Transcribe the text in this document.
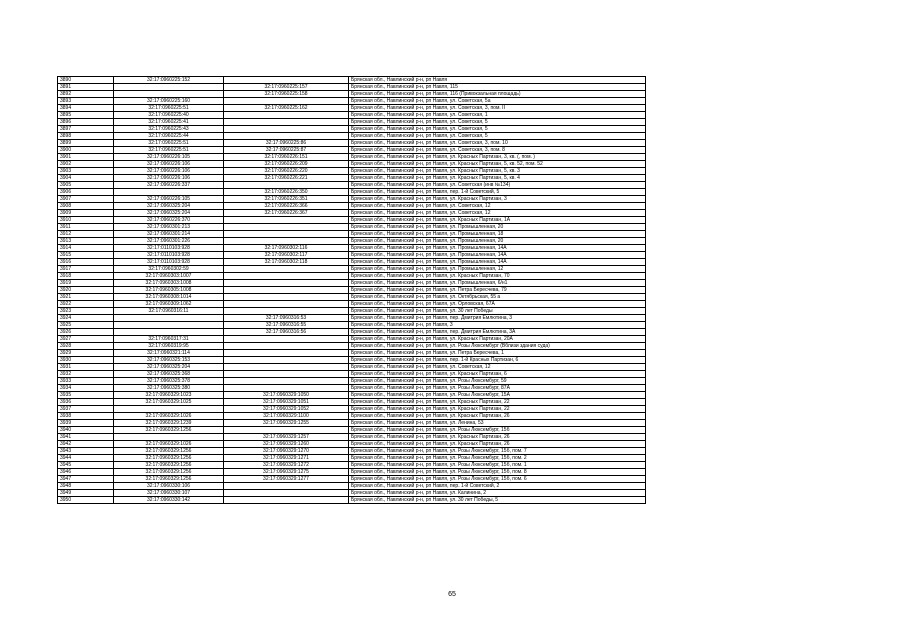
3890	32:17:0960225:152		Брянская обл., Навлинский р-н, рп Навля
3891		32:17:0960225:157	Брянская обл., Навлинский р-н, рп Навля, 115
3892		32:17:0960225:158	Брянская обл., Навлинский р-н, рп Навля, 116 (Привокзальная площадь)
3893	32:17:0960225:160		Брянская обл., Навлинский р-н, рп Навля, ул. Советская, 5а
3894	32:17:0960225:51	32:17:0960225:162	Брянская обл., Навлинский р-н, рп Навля, ул. Советская, 3, пом. II
3895	32:17:0960225:40		Брянская обл., Навлинский р-н, рп Навля, ул. Советская, 1
3896	32:17:0960225:41		Брянская обл., Навлинский р-н, рп Навля, ул. Советская, 5
3897	32:17:0960225:43		Брянская обл., Навлинский р-н, рп Навля, ул. Советская, 5
3898	32:17:0960225:44		Брянская обл., Навлинский р-н, рп Навля, ул. Советская, 5
3899	32:17:0960225:51	32:17:0960225:86	Брянская обл., Навлинский р-н, рп Навля, ул. Советская, 3, пом. 10
3900	32:17:0960225:51	32:17:0960225:87	Брянская обл., Навлинский р-н, рп Навля, ул. Советская, 3, пом. 8
3901	32:17:0960226:105	32:17:0960226:151	Брянская обл., Навлинский р-н, рп Навля, ул. Красных Партизан, 3, кв. (, пом. )
3902	32:17:0960226:106	32:17:0960226:209	Брянская обл., Навлинский р-н, рп Навля, ул. Красных Партизан, 5, кв. 52, пом. 52
3903	32:17:0960226:106	32:17:0960226:220	Брянская обл., Навлинский р-н, рп Навля, ул. Красных Партизан, 5, кв. 3
3904	32:17:0960226:106	32:17:0960226:221	Брянская обл., Навлинский р-н, рп Навля, ул. Красных Партизан, 5, кв. 4
3905	32:17:0960226:337		Брянская обл., Навлинский р-н, рп Навля, ул. Советская (инв №134)
3906		32:17:0960226:350	Брянская обл., Навлинский р-н, рп Навля, пер. 1-й Советский, 5
3907	32:17:0960226:105	32:17:0960226:351	Брянская обл., Навлинский р-н, рп Навля, ул. Красных Партизан, 3
3908	32:17:0960325:204	32:17:0960226:366	Брянская обл., Навлинский р-н, рп Навля, ул. Советская, 12
3909	32:17:0960325:204	32:17:0960226:367	Брянская обл., Навлинский р-н, рп Навля, ул. Советская, 12
3910	32:17:0960226:370		Брянская обл., Навлинский р-н, рп Навля, ул. Красных Партизан, 1А
3911	32:17:0960301:213		Брянская обл., Навлинский р-н, рп Навля, ул. Промышленная, 20
3912	32:17:0960301:214		Брянская обл., Навлинский р-н, рп Навля, ул. Промышленная, 18
3913	32:17:0960301:226		Брянская обл., Навлинский р-н, рп Навля, ул. Промышленная, 20
3914	32:17:0110103:928	32:17:0960302:116	Брянская обл., Навлинский р-н, рп Навля, ул. Промышленная, 14А
3915	32:17:0110103:928	32:17:0960302:117	Брянская обл., Навлинский р-н, рп Навля, ул. Промышленная, 14А
3916	32:17:0110103:928	32:17:0960302:118	Брянская обл., Навлинский р-н, рп Навля, ул. Промышленная, 14А
3917	32:17:0960302:59		Брянская обл., Навлинский р-н, рп Навля, ул. Промышленная, 12
3918	32:17:0960303:1007		Брянская обл., Навлинский р-н, рп Навля, ул. Красных Партизан, 70
3919	32:17:0960303:1008		Брянская обл., Навлинский р-н, рп Навля, ул. Промышленная, 6/н1
3920	32:17:0960305:1008		Брянская обл., Навлинский р-н, рп Навля, ул. Петра Бересчева, 79
3921	32:17:0960308:1014		Брянская обл., Навлинский р-н, рп Навля, ул. Октябрьская, 55 а
3922	32:17:0960309:1062		Брянская обл., Навлинский р-н, рп Навля, ул. Орловская, 67А
3923	32:17:0960316:11		Брянская обл., Навлинский р-н, рп Навля, ул. 30 лет Победы
3924		32:17:0960316:53	Брянская обл., Навлинский р-н, рп Навля, пер. Дмитрия Емлютина, 3
3925		32:17:0960316:55	Брянская обл., Навлинский р-н, рп Навля, 3
3926		32:17:0960316:56	Брянская обл., Навлинский р-н, рп Навля, пер. Дмитрия Емлютина, 3А
3927	32:17:0960317:31		Брянская обл., Навлинский р-н, рп Навля, ул. Красных Партизан, 20А
3928	32:17:0960319:95		Брянская обл., Навлинский р-н, рп Навля, ул. Розы Люксембург (Вблизи здания суда)
3929	32:17:0960321:114		Брянская обл., Навлинский р-н, рп Навля, ул. Петра Бересчева, 1
3930	32:17:0960325:153		Брянская обл., Навлинский р-н, рп Навля, пер. 1-й Красных Партизан, 6
3931	32:17:0960325:204		Брянская обл., Навлинский р-н, рп Навля, ул. Советская, 12
3932	32:17:0960325:368		Брянская обл., Навлинский р-н, рп Навля, ул. Красных Партизан, 6
3933	32:17:0960325:378		Брянская обл., Навлинский р-н, рп Навля, ул. Розы Люксембург, 59
3934	32:17:0960325:380		Брянская обл., Навлинский р-н, рп Навля, ул. Розы Люксембург, 87А
3935	32:17:0960329:1023	32:17:0960329:1050	Брянская обл., Навлинский р-н, рп Навля, ул. Розы Люксембург, 15А
3936	32:17:0960329:1025	32:17:0960329:1051	Брянская обл., Навлинский р-н, рп Навля, ул. Красных Партизан, 22
3937		32:17:0960329:1052	Брянская обл., Навлинский р-н, рп Навля, ул. Красных Партизан, 22
3938	32:17:0960329:1026	32:17:0960329:1100	Брянская обл., Навлинский р-н, рп Навля, ул. Красных Партизан, 26
3939	32:17:0960329:1239	32:17:0960329:1255	Брянская обл., Навлинский р-н, рп Навля, ул. Ленина, 53
3940	32:17:0960329:1256		Брянская обл., Навлинский р-н, рп Навля, ул. Розы Люксембург, 15б
3941		32:17:0960329:1257	Брянская обл., Навлинский р-н, рп Навля, ул. Красных Партизан, 26
3942	32:17:0960329:1026	32:17:0960329:1260	Брянская обл., Навлинский р-н, рп Навля, ул. Красных Партизан, 26
3943	32:17:0960329:1256	32:17:0960329:1270	Брянская обл., Навлинский р-н, рп Навля, ул. Розы Люксембург, 15б, пом. 7
3944	32:17:0960329:1256	32:17:0960329:1271	Брянская обл., Навлинский р-н, рп Навля, ул. Розы Люксембург, 15б, пом. 2
3945	32:17:0960329:1256	32:17:0960329:1272	Брянская обл., Навлинский р-н, рп Навля, ул. Розы Люксембург, 15б, пом. 1
3946	32:17:0960329:1256	32:17:0960329:1275	Брянская обл., Навлинский р-н, рп Навля, ул. Розы Люксембург, 15б, пом. 8
3947	32:17:0960329:1256	32:17:0960329:1277	Брянская обл., Навлинский р-н, рп Навля, ул. Розы Люксембург, 15б, пом. 6
3948	32:17:0960330:106		Брянская обл., Навлинский р-н, рп Навля, пер. 1-й Советский, 2
3949	32:17:0960330:107		Брянская обл., Навлинский р-н, рп Навля, ул. Калинина, 2
3950	32:17:0960330:142		Брянская обл., Навлинский р-н, рп Навля, ул. 30 лет Победы, 5
65
